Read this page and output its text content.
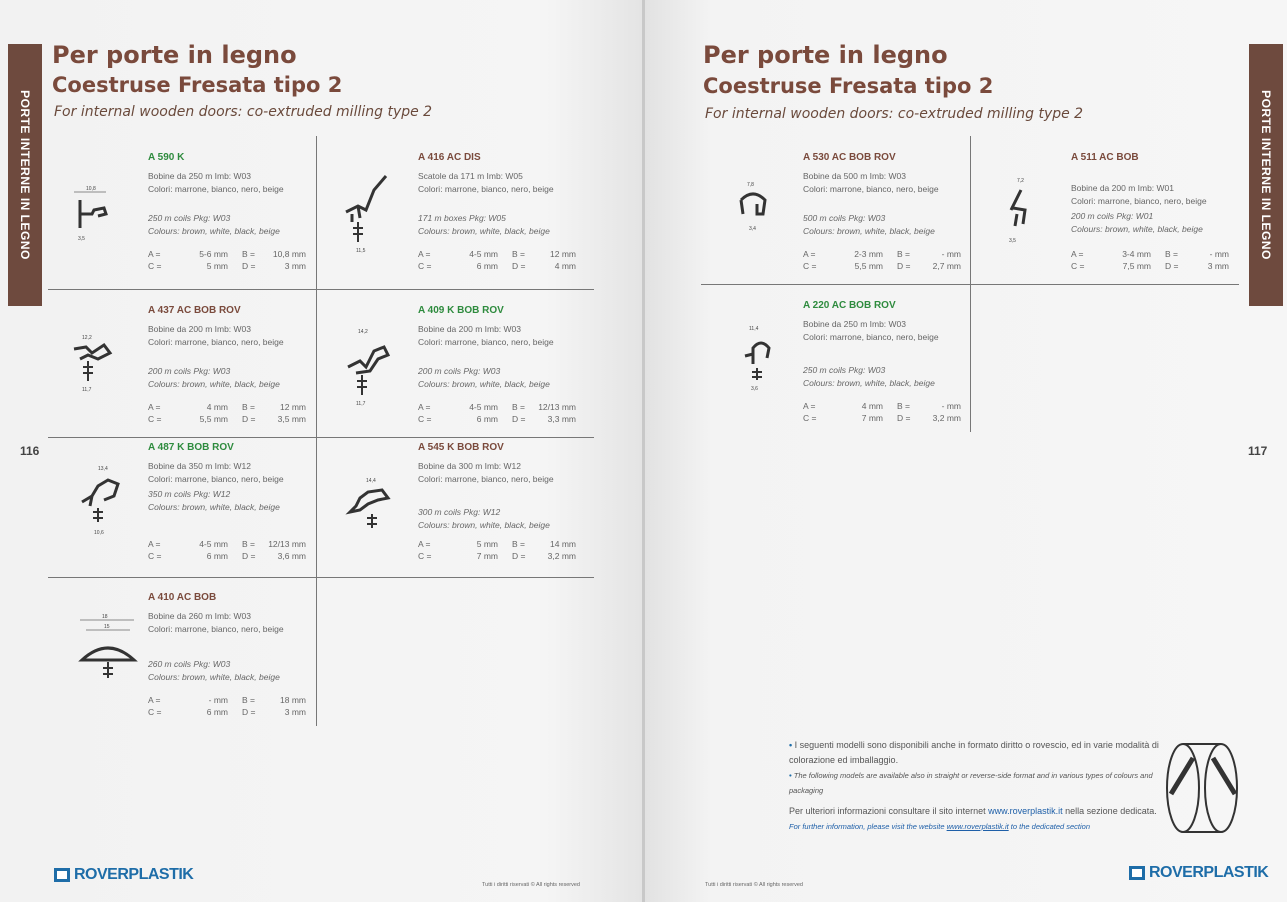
PORTE INTERNE IN LEGNO
Per porte in legno
Coestruse Fresata tipo 2
For internal wooden doors: co-extruded milling type 2
116
A 590 K
10,8
3,5
Bobine da 250 m Imb: W03
Colori: marrone, bianco, nero, beige
250 m coils Pkg: W03
Colours: brown, white, black, beige
A =	5-6 mm	B =	10,8 mm
C =	5 mm	D =	3 mm
A 416 AC DIS
11,5
Scatole da 171 m Imb: W05
Colori: marrone, bianco, nero, beige
171 m boxes Pkg: W05
Colours: brown, white, black, beige
A =	4-5 mm	B =	12 mm
C =	6 mm	D =	4 mm
A 437 AC BOB ROV
12,2
11,7
Bobine da 200 m Imb: W03
Colori: marrone, bianco, nero, beige
200 m coils Pkg: W03
Colours: brown, white, black, beige
A =	4 mm	B =	12 mm
C =	5,5 mm	D =	3,5 mm
A 409 K BOB ROV
14,2
11,7
Bobine da 200 m Imb: W03
Colori: marrone, bianco, nero, beige
200 m coils Pkg: W03
Colours: brown, white, black, beige
A =	4-5 mm	B =	12/13 mm
C =	6 mm	D =	3,3 mm
A 487 K BOB ROV
13,4
10,6
Bobine da 350 m Imb: W12
Colori: marrone, bianco, nero, beige
350 m coils Pkg: W12
Colours: brown, white, black, beige
A =	4-5 mm	B =	12/13 mm
C =	6 mm	D =	3,6 mm
A 545 K BOB ROV
14,4
Bobine da 300 m Imb: W12
Colori: marrone, bianco, nero, beige
300 m coils Pkg: W12
Colours: brown, white, black, beige
A =	5 mm	B =	14 mm
C =	7 mm	D =	3,2 mm
A 410 AC BOB
18
15
Bobine da 260 m Imb: W03
Colori: marrone, bianco, nero, beige
260 m coils Pkg: W03
Colours: brown, white, black, beige
A =	- mm	B =	18 mm
C =	6 mm	D =	3 mm
ROVERPLASTIK
Tutti i diritti riservati © All rights reserved
Per porte in legno
Coestruse Fresata tipo 2
For internal wooden doors: co-extruded milling type 2	PORTE INTERNE IN LEGNO
117
A 530 AC BOB ROV
7,8
3,4
Bobine da 500 m Imb: W03
Colori: marrone, bianco, nero, beige
500 m coils Pkg: W03
Colours: brown, white, black, beige
A =	2-3 mm	B =	- mm
C =	5,5 mm	D =	2,7 mm
A 511 AC BOB
7,2
3,5
Bobine da 200 m Imb: W01
Colori: marrone, bianco, nero, beige
200 m coils Pkg: W01
Colours: brown, white, black, beige
A =	3-4 mm	B =	- mm
C =	7,5 mm	D =	3 mm
A 220 AC BOB ROV
11,4
3,6
Bobine da 250 m Imb: W03
Colori: marrone, bianco, nero, beige
250 m coils Pkg: W03
Colours: brown, white, black, beige
A =	4 mm	B =	- mm
C =	7 mm	D =	3,2 mm

• I seguenti modelli sono disponibili anche in formato diritto o rovescio, ed in varie modalità di colorazione ed imballaggio.

• The following models are available also in straight or reverse-side format and in various types of colours and packaging

Per ulteriori informazioni consultare il sito internet www.roverplastik.it nella sezione dedicata.

For further information, please visit the website www.roverplastik.it to the dedicated section

Tutti i diritti riservati © All rights reserved
ROVERPLASTIK
